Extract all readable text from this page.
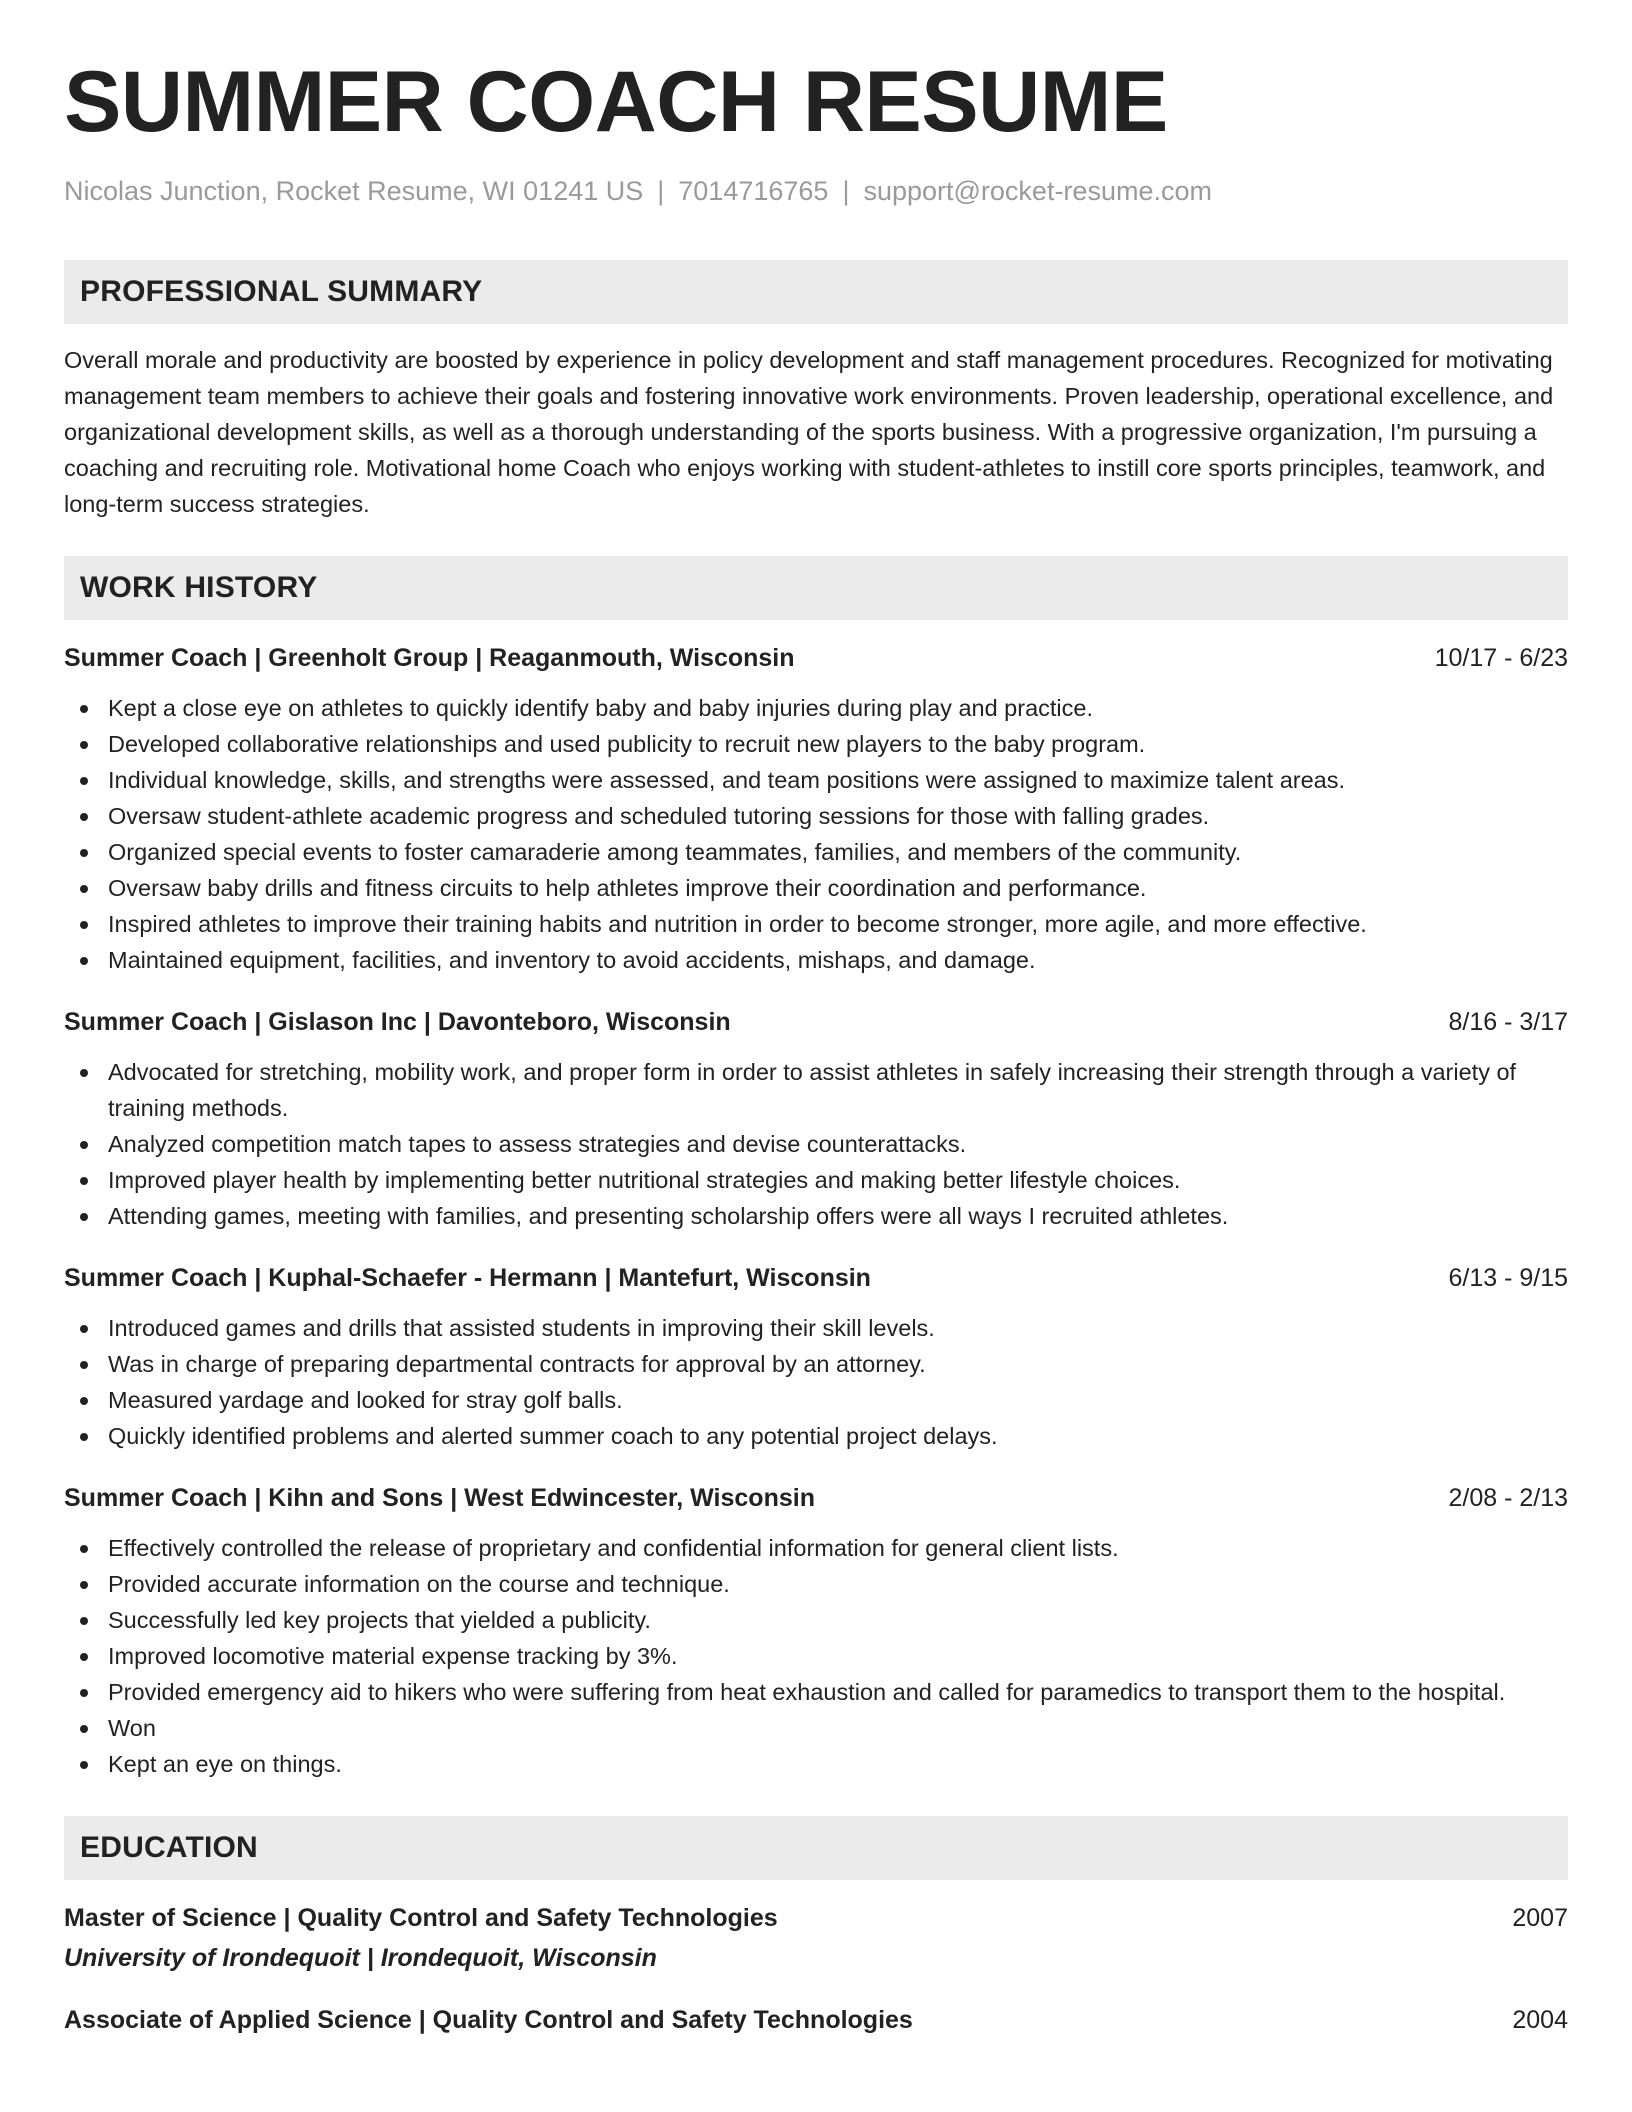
SUMMER COACH RESUME
Nicolas Junction, Rocket Resume, WI 01241 US | 7014716765 | support@rocket-resume.com
PROFESSIONAL SUMMARY
Overall morale and productivity are boosted by experience in policy development and staff management procedures. Recognized for motivating management team members to achieve their goals and fostering innovative work environments. Proven leadership, operational excellence, and organizational development skills, as well as a thorough understanding of the sports business. With a progressive organization, I'm pursuing a coaching and recruiting role. Motivational home Coach who enjoys working with student-athletes to instill core sports principles, teamwork, and long-term success strategies.
WORK HISTORY
Summer Coach | Greenholt Group | Reaganmouth, Wisconsin	10/17 - 6/23
Kept a close eye on athletes to quickly identify baby and baby injuries during play and practice.
Developed collaborative relationships and used publicity to recruit new players to the baby program.
Individual knowledge, skills, and strengths were assessed, and team positions were assigned to maximize talent areas.
Oversaw student-athlete academic progress and scheduled tutoring sessions for those with falling grades.
Organized special events to foster camaraderie among teammates, families, and members of the community.
Oversaw baby drills and fitness circuits to help athletes improve their coordination and performance.
Inspired athletes to improve their training habits and nutrition in order to become stronger, more agile, and more effective.
Maintained equipment, facilities, and inventory to avoid accidents, mishaps, and damage.
Summer Coach | Gislason Inc | Davonteboro, Wisconsin	8/16 - 3/17
Advocated for stretching, mobility work, and proper form in order to assist athletes in safely increasing their strength through a variety of training methods.
Analyzed competition match tapes to assess strategies and devise counterattacks.
Improved player health by implementing better nutritional strategies and making better lifestyle choices.
Attending games, meeting with families, and presenting scholarship offers were all ways I recruited athletes.
Summer Coach | Kuphal-Schaefer - Hermann | Mantefurt, Wisconsin	6/13 - 9/15
Introduced games and drills that assisted students in improving their skill levels.
Was in charge of preparing departmental contracts for approval by an attorney.
Measured yardage and looked for stray golf balls.
Quickly identified problems and alerted summer coach to any potential project delays.
Summer Coach | Kihn and Sons | West Edwincester, Wisconsin	2/08 - 2/13
Effectively controlled the release of proprietary and confidential information for general client lists.
Provided accurate information on the course and technique.
Successfully led key projects that yielded a publicity.
Improved locomotive material expense tracking by 3%.
Provided emergency aid to hikers who were suffering from heat exhaustion and called for paramedics to transport them to the hospital.
Won
Kept an eye on things.
EDUCATION
Master of Science | Quality Control and Safety Technologies	2007
University of Irondequoit | Irondequoit, Wisconsin
Associate of Applied Science | Quality Control and Safety Technologies	2004
